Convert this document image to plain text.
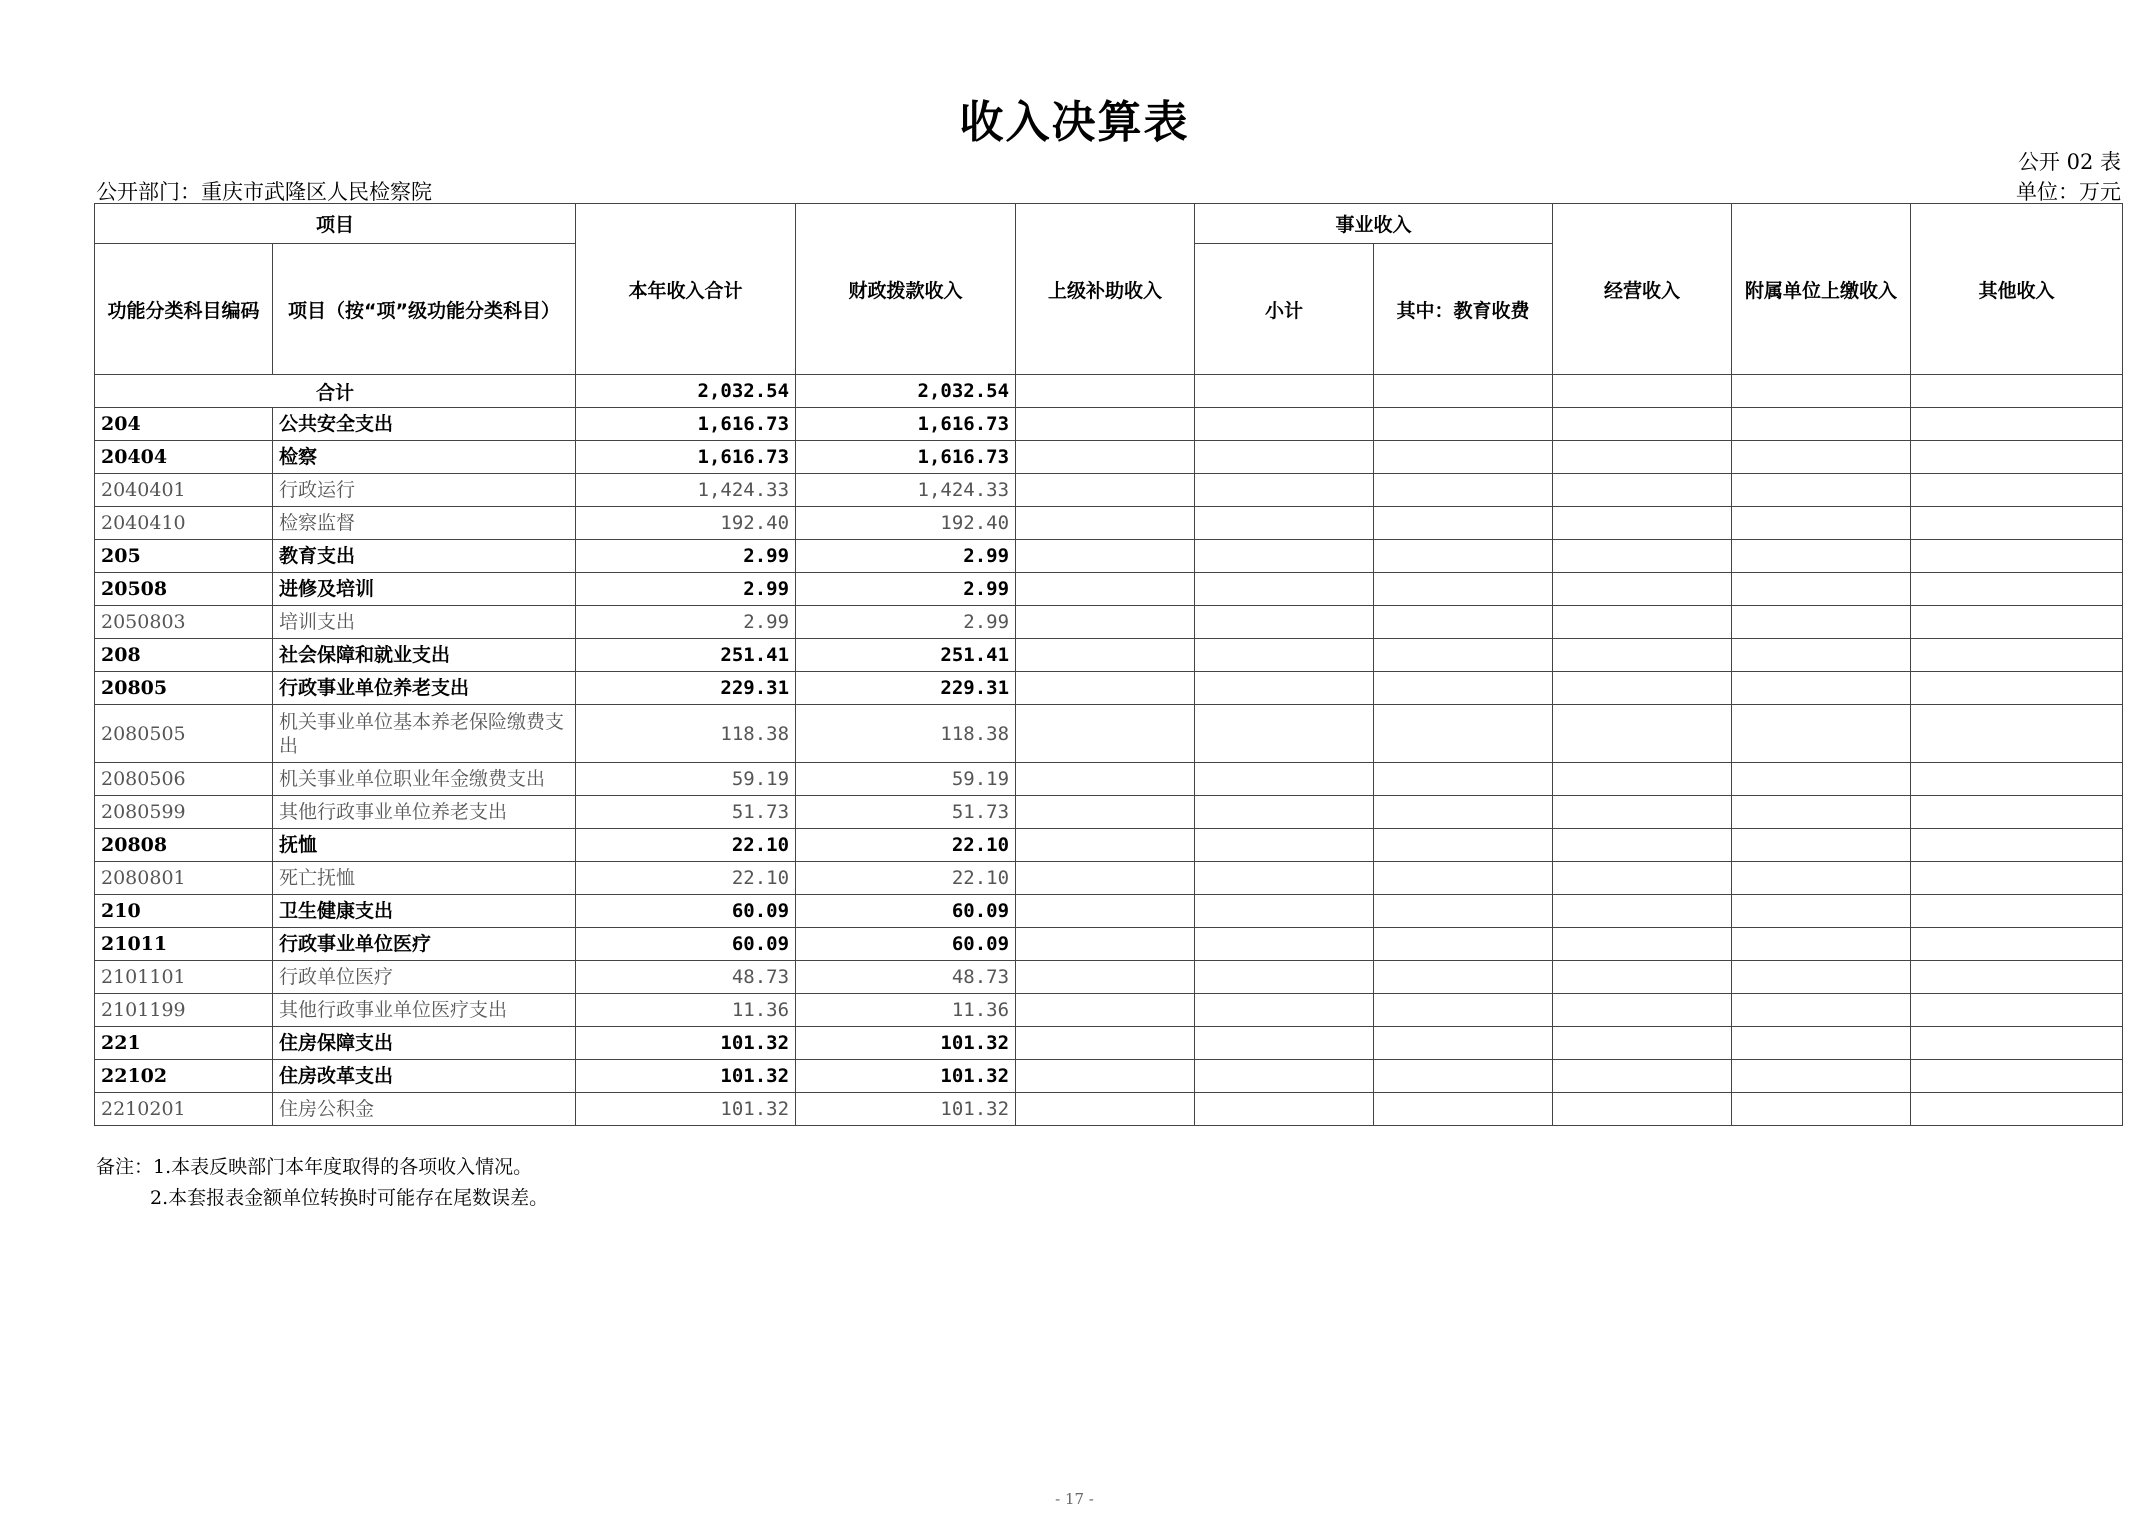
收入决算表
公开 02 表
公开部门：重庆市武隆区人民检察院	单位：万元
项目		本年收入合计	财政拨款收入	上级补助收入	事业收入		经营收入	附属单位上缴收入	其他收入
功能分类科目编码	项目（按“项”级功能分类科目）				小计	其中：教育收费			
合计		2,032.54	2,032.54						
204	公共安全支出	1,616.73	1,616.73						
20404	检察	1,616.73	1,616.73						
2040401	行政运行	1,424.33	1,424.33						
2040410	检察监督	192.40	192.40						
205	教育支出	2.99	2.99						
20508	进修及培训	2.99	2.99						
2050803	培训支出	2.99	2.99						
208	社会保障和就业支出	251.41	251.41						
20805	行政事业单位养老支出	229.31	229.31						
2080505	机关事业单位基本养老保险缴费支出	118.38	118.38						
2080506	机关事业单位职业年金缴费支出	59.19	59.19						
2080599	其他行政事业单位养老支出	51.73	51.73						
20808	抚恤	22.10	22.10						
2080801	死亡抚恤	22.10	22.10						
210	卫生健康支出	60.09	60.09						
21011	行政事业单位医疗	60.09	60.09						
2101101	行政单位医疗	48.73	48.73						
2101199	其他行政事业单位医疗支出	11.36	11.36						
221	住房保障支出	101.32	101.32						
22102	住房改革支出	101.32	101.32						
2210201	住房公积金	101.32	101.32						
备注：1.本表反映部门本年度取得的各项收入情况。
2.本套报表金额单位转换时可能存在尾数误差。
- 17 -
